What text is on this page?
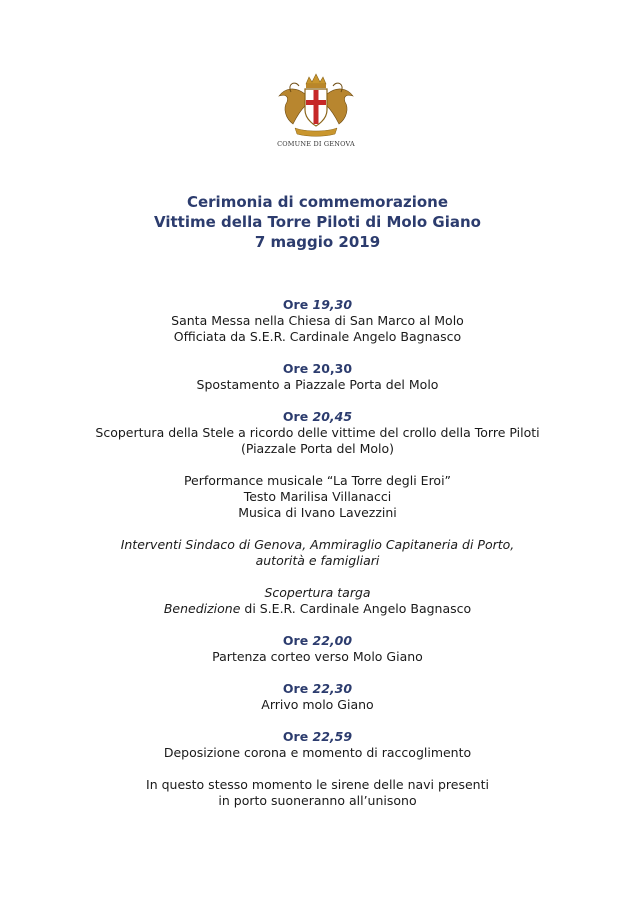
COMUNE DI GENOVA
Cerimonia di commemorazione
Vittime della Torre Piloti di Molo Giano
7 maggio 2019

Ore 19,30

Santa Messa nella Chiesa di San Marco al Molo

Officiata da S.E.R. Cardinale Angelo Bagnasco

Ore 20,30

Spostamento a Piazzale Porta del Molo

Ore 20,45

Scopertura della Stele a ricordo delle vittime del crollo della Torre Piloti

(Piazzale Porta del Molo)

Performance musicale “La Torre degli Eroi”

Testo Marilisa Villanacci

Musica di Ivano Lavezzini

Interventi Sindaco di Genova, Ammiraglio Capitaneria di Porto,

autorità e famigliari

Scopertura targa

Benedizione di S.E.R. Cardinale Angelo Bagnasco

Ore 22,00

Partenza corteo verso Molo Giano

Ore 22,30

Arrivo molo Giano

Ore 22,59

Deposizione corona e momento di raccoglimento

In questo stesso momento le sirene delle navi presenti

in porto suoneranno all’unisono
